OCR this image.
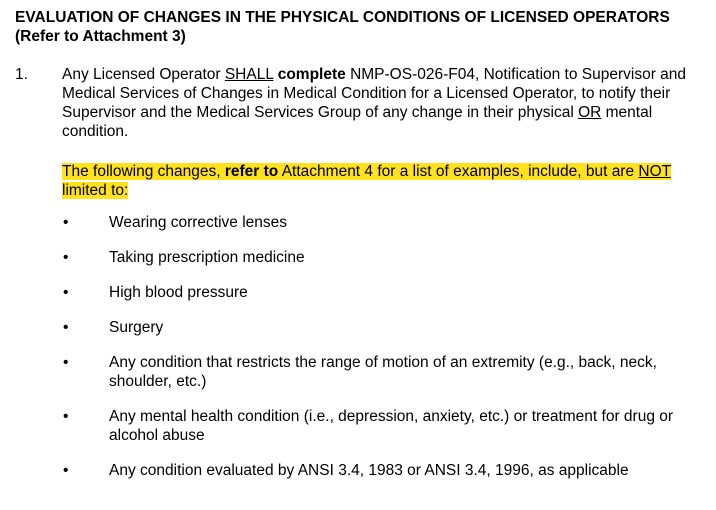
EVALUATION OF CHANGES IN THE PHYSICAL CONDITIONS OF LICENSED OPERATORS
(Refer to Attachment 3)
1.	Any Licensed Operator SHALL complete NMP-OS-026-F04, Notification to Supervisor and Medical Services of Changes in Medical Condition for a Licensed Operator, to notify their Supervisor and the Medical Services Group of any change in their physical OR mental condition.

The following changes, refer to Attachment 4 for a list of examples, include, but are NOT limited to:

•	Wearing corrective lenses
•	Taking prescription medicine
•	High blood pressure
•	Surgery
•	Any condition that restricts the range of motion of an extremity (e.g., back, neck, shoulder, etc.)
•	Any mental health condition (i.e., depression, anxiety, etc.) or treatment for drug or alcohol abuse
•	Any condition evaluated by ANSI 3.4, 1983 or ANSI 3.4, 1996, as applicable
